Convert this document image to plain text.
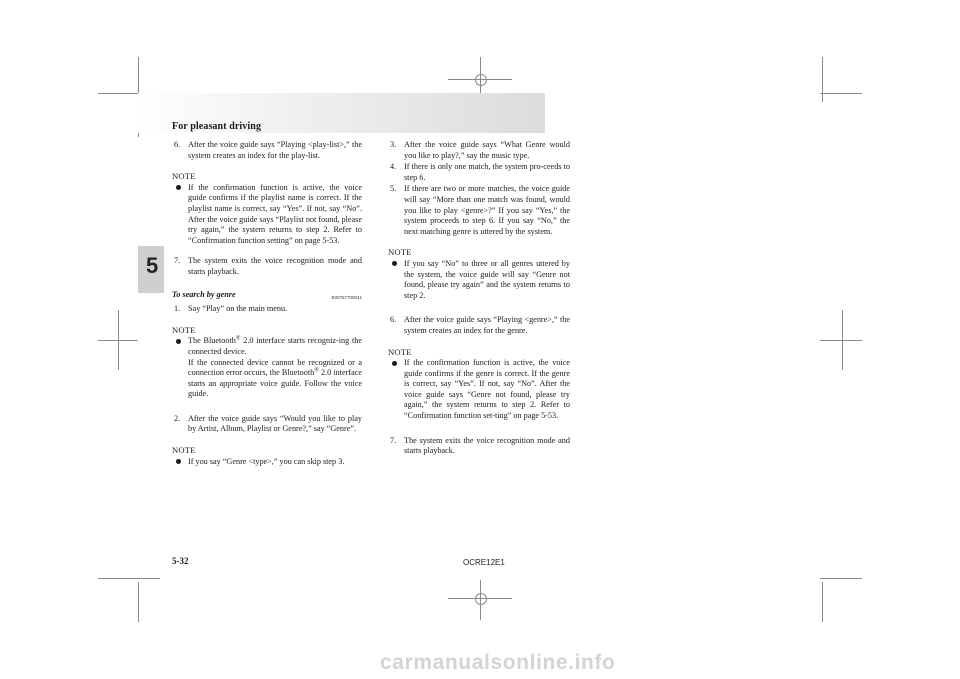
For pleasant driving
5
6. After the voice guide says “Playing <play-list>,” the system creates an index for the play-list.
NOTE
If the confirmation function is active, the voice guide confirms if the playlist name is correct. If the playlist name is correct, say “Yes”. If not, say “No”. After the voice guide says “Playlist not found, please try again,” the system returns to step 2. Refer to “Confirmation function setting” on page 5-53.
7. The system exits the voice recognition mode and starts playback.
To search by genre	E00757700041
1. Say “Play” on the main menu.
NOTE
The Bluetooth® 2.0 interface starts recogniz-ing the connected device.
If the connected device cannot be recognized or a connection error occurs, the Bluetooth® 2.0 interface starts an appropriate voice guide. Follow the voice guide.
2. After the voice guide says “Would you like to play by Artist, Album, Playlist or Genre?,” say “Genre”.
NOTE
If you say “Genre <type>,” you can skip step 3.
3. After the voice guide says “What Genre would you like to play?,” say the music type.
4. If there is only one match, the system pro-ceeds to step 6.
5. If there are two or more matches, the voice guide will say “More than one match was found, would you like to play <genre>?” If you say “Yes,” the system proceeds to step 6. If you say “No,” the next matching genre is uttered by the system.
NOTE
If you say “No” to three or all genres uttered by the system, the voice guide will say “Genre not found, please try again” and the system returns to step 2.
6. After the voice guide says “Playing <genre>,” the system creates an index for the genre.
NOTE
If the confirmation function is active, the voice guide confirms if the genre is correct. If the genre is correct, say “Yes”. If not, say “No”. After the voice guide says “Genre not found, please try again,” the system returns to step 2. Refer to “Confirmation function set-ting” on page 5-53.
7. The system exits the voice recognition mode and starts playback.
5-32	OCRE12E1
carmanualsonline.info
